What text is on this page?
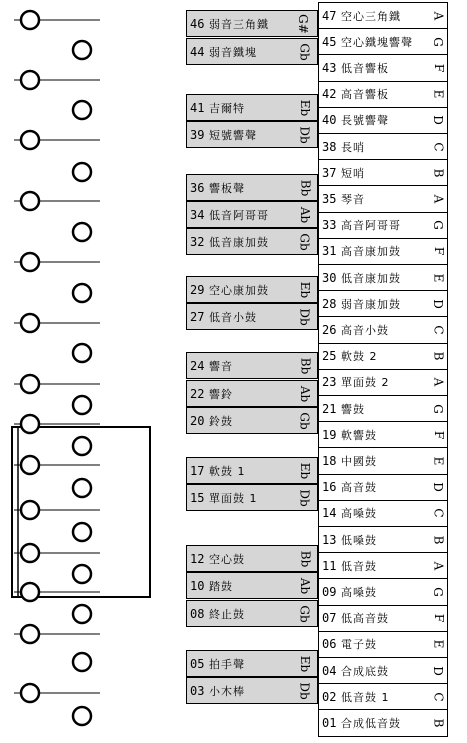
47 空心三角鐵	A
45 空心鐵塊響聲 G
43 低音響板	F
42 高音響板	E
40 長號響聲	D
38 長哨	C
37 短哨	B
35 琴音	A
33 高音阿哥哥	G
31 高音康加鼓	F
30 低音康加鼓	E
28 弱音康加鼓	D
26 高音小鼓	C
25 軟鼓 2	B
23 單面鼓 2	A
21 響鼓	G
19 軟響鼓	F
18 中國鼓	E
16 高音鼓	D
14 高嗓鼓	C
13 低嗓鼓	B
11 低音鼓	A
09 高嗓鼓	G
07 低高音鼓	F
06 電子鼓	E
04 合成底鼓	D
02 低音鼓 1	C
01 合成低音鼓	B
46 弱音三角鐵 G#
44 弱音鐵塊	Gb
41 吉爾特	Eb
39 短號響聲	Db
36 響板聲	Bb
34 低音阿哥哥 Ab
32 低音康加鼓 Gb
29 空心康加鼓 Eb
27 低音小鼓	Db
24 響音	Bb
22 響鈴	Ab
20 鈴鼓	Gb
17 軟鼓 1	Eb
15 單面鼓 1	Db
12 空心鼓	Bb
10 踏鼓	Ab
08 終止鼓	Gb
05 拍手聲	Eb
03 小木棒	Db
